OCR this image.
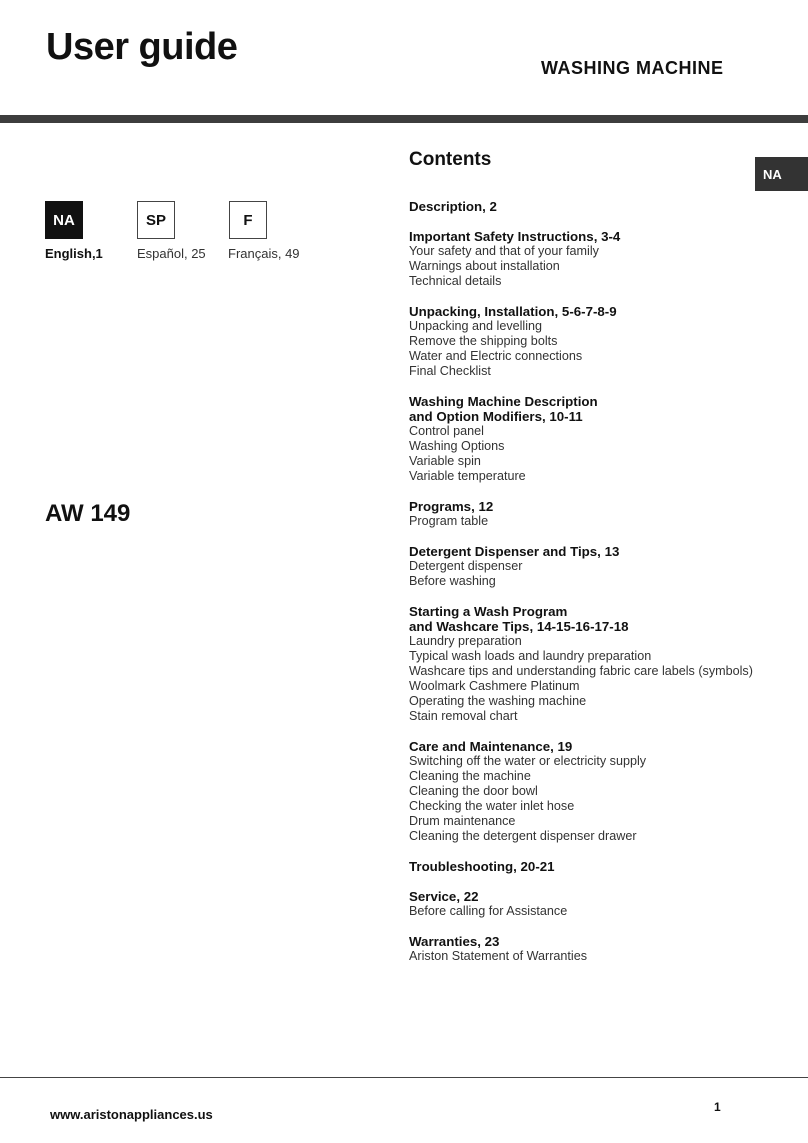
User guide	WASHING MACHINE
NA
English,1
SP
Español, 25
F
Français, 49
AW 149
NA
Contents
Description, 2
Important Safety Instructions, 3-4
Your safety and that of your family
Warnings about installation
Technical details
Unpacking, Installation, 5-6-7-8-9
Unpacking and levelling
Remove the shipping bolts
Water and Electric connections
Final Checklist
Washing Machine Description
and Option Modifiers, 10-11
Control panel
Washing Options
Variable spin
Variable temperature
Programs, 12
Program table
Detergent Dispenser and Tips, 13
Detergent dispenser
Before washing
Starting a Wash Program
and Washcare Tips, 14-15-16-17-18
Laundry preparation
Typical wash loads and laundry preparation
Washcare tips and understanding fabric care labels (symbols)
Woolmark Cashmere Platinum
Operating the washing machine
Stain removal chart
Care and Maintenance, 19
Switching off the water or electricity supply
Cleaning the machine
Cleaning the door bowl
Checking the water inlet hose
Drum maintenance
Cleaning the detergent dispenser drawer
Troubleshooting, 20-21
Service, 22
Before calling for Assistance
Warranties, 23
Ariston Statement of Warranties
www.aristonappliances.us	1
